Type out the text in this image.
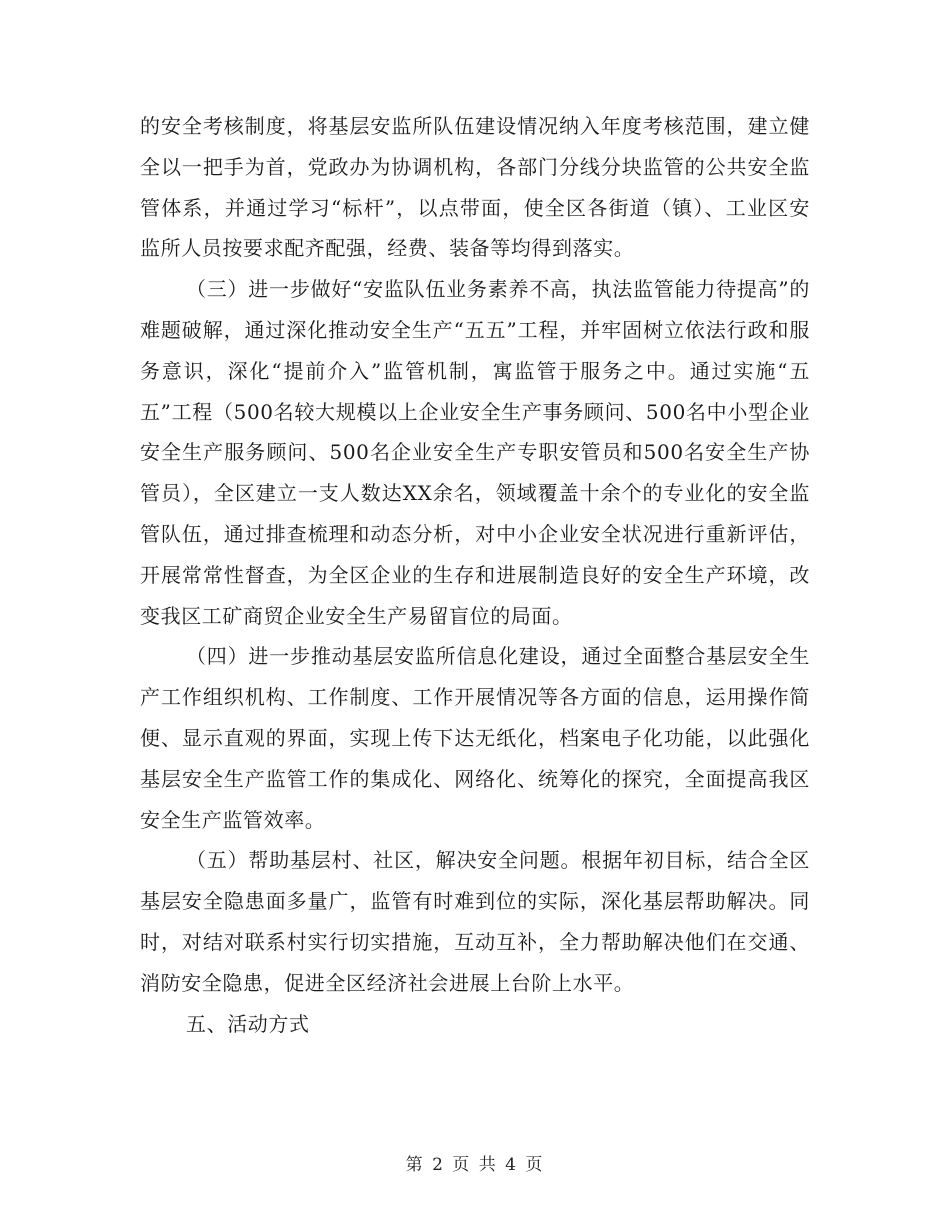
的安全考核制度，将基层安监所队伍建设情况纳入年度考核范围，建立健全以一把手为首，党政办为协调机构，各部门分线分块监管的公共安全监管体系，并通过学习“标杆”，以点带面，使全区各街道（镇）、工业区安监所人员按要求配齐配强，经费、装备等均得到落实。

（三）进一步做好“安监队伍业务素养不高，执法监管能力待提高”的难题破解，通过深化推动安全生产“五五”工程，并牢固树立依法行政和服务意识，深化“提前介入”监管机制，寓监管于服务之中。通过实施“五五”工程（500名较大规模以上企业安全生产事务顾问、500名中小型企业安全生产服务顾问、500名企业安全生产专职安管员和500名安全生产协管员），全区建立一支人数达XX余名，领域覆盖十余个的专业化的安全监管队伍，通过排查梳理和动态分析，对中小企业安全状况进行重新评估，开展常常性督查，为全区企业的生存和进展制造良好的安全生产环境，改变我区工矿商贸企业安全生产易留盲位的局面。

（四）进一步推动基层安监所信息化建设，通过全面整合基层安全生产工作组织机构、工作制度、工作开展情况等各方面的信息，运用操作简便、显示直观的界面，实现上传下达无纸化，档案电子化功能，以此强化基层安全生产监管工作的集成化、网络化、统筹化的探究，全面提高我区安全生产监管效率。

（五）帮助基层村、社区，解决安全问题。根据年初目标，结合全区基层安全隐患面多量广，监管有时难到位的实际，深化基层帮助解决。同时，对结对联系村实行切实措施，互动互补，全力帮助解决他们在交通、消防安全隐患，促进全区经济社会进展上台阶上水平。

五、活动方式

第 2 页 共 4 页
